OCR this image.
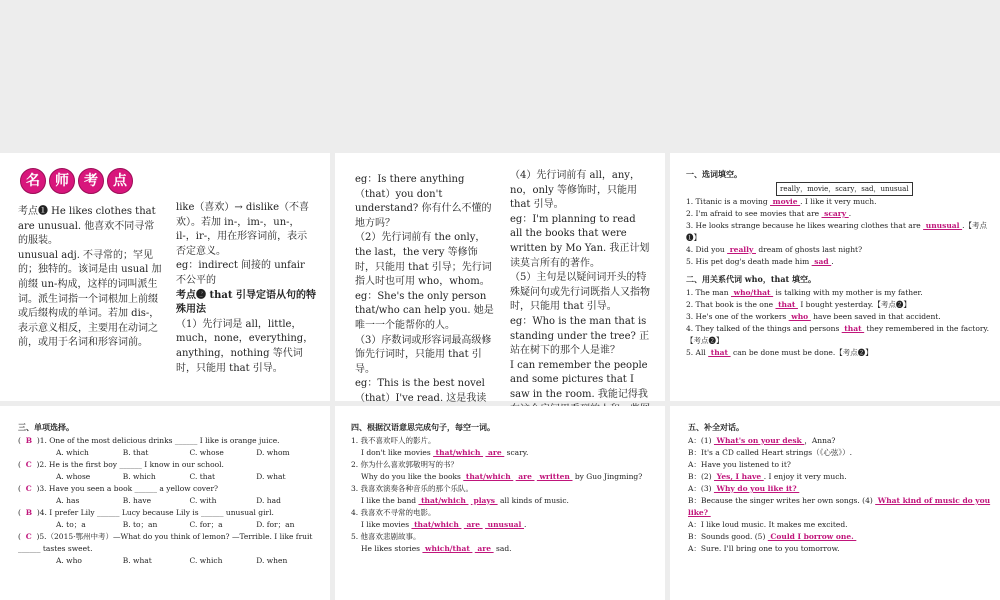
考点❶ He likes clothes that are unusual. 他喜欢不同寻常的服装。

unusual adj. 不寻常的；罕见的；独特的。该词是由 usual 加前缀 un-构成，这样的词叫派生词。派生词指一个词根加上前缀或后缀构成的单词。若加 dis-，表示意义相反，主要用在动词之前，或用于名词和形容词前。

like（喜欢）→ dislike（不喜欢）。若加 in-，im-，un-，il-，ir-，用在形容词前，表示否定意义。

eg：indirect 间接的 unfair 不公平的

考点❷ that 引导定语从句的特殊用法

（1）先行词是 all，little，much，none，everything，anything，nothing 等代词时，只能用 that 引导。

名	师	考	点	eg：Is there anything（that）you don't understand? 你有什么不懂的地方吗？

（2）先行词前有 the only，the last，the very 等修饰时，只能用 that 引导；先行词指人时也可用 who，whom。

eg：She's the only person that/who can help you. 她是唯一一个能帮你的人。

（3）序数词或形容词最高级修饰先行词时，只能用 that 引导。

eg：This is the best novel（that）I've read. 这是我读

（4）先行词前有 all，any，no，only 等修饰时，只能用 that 引导。

eg：I'm planning to read all the books that were written by Mo Yan. 我正计划读莫言所有的著作。

（5）主句是以疑问词开头的特殊疑问句或先行词既指人又指物时，只能用 that 引导。

eg：Who is the man that is standing under the tree? 正站在树下的那个人是谁？

I can remember the people and some pictures that I saw in the room. 我能记得我

一、选词填空。

1. Titanic is a moving  movie . I like it very much.

2. I'm afraid to see movies that are  scary .

3. He looks strange because he likes wearing clothes that are  unusual .【考点❶】

4. Did you  really  dream of ghosts last night?

5. His pet dog's death made him  sad .

二、用关系代词 who，that 填空。

1. The man  who/that  is talking with my mother is my father.

2. That book is the one  that  I bought yesterday.【考点❷】

3. He's one of the workers  who  have been saved in that accident.

4. They talked of the things and persons  that  they remembered in the factory.【考点❷】

5. All  that  can be done must be done.【考点❷】

really，movie，scary，sad，unusual

三、单项选择。

(  B  )1. One of the most delicious drinks ______ I like is orange juice.

A. which	B. that	C. whose	D. whom

(  C  )2. He is the first boy ______ I know in our school.

A. whose	B. which	C. that	D. what

(  C  )3. Have you seen a book ______ a yellow cover?

A. has	B. have	C. with	D. had

(  B  )4. I prefer Lily ______ Lucy because Lily is ______ unusual girl.

A. to；a	B. to；an	C. for；a	D. for；an

(  C  )5.（2015·鄂州中考）—What do you think of lemon? —Terrible. I like fruit ______ tastes sweet.

A. who	B. what	C. which	D. when

四、根据汉语意思完成句子，每空一词。

1. 我不喜欢吓人的影片。

I don't like movies  that/which   are  scary.

2. 你为什么喜欢郭敬明写的书？

Why do you like the books  that/which   are   written  by Guo Jingming?

3. 我喜欢演奏各种音乐的那个乐队。

I like the band  that/which   plays  all kinds of music.

4. 我喜欢不寻常的电影。

I like movies  that/which   are   unusual .

5. 他喜欢悲剧故事。

He likes stories  which/that   are  sad.

五、补全对话。

A：(1)  What's on your desk ，Anna?

B：It's a CD called Heart strings（《心弦》）.

A：Have you listened to it?

B：(2)  Yes, I have . I enjoy it very much.

A：(3)  Why do you like it?

B：Because the singer writes her own songs. (4)  What kind of music do you like?

A：I like loud music. It makes me excited.

B：Sounds good. (5)  Could I borrow one.

A：Sure. I'll bring one to you tomorrow.
